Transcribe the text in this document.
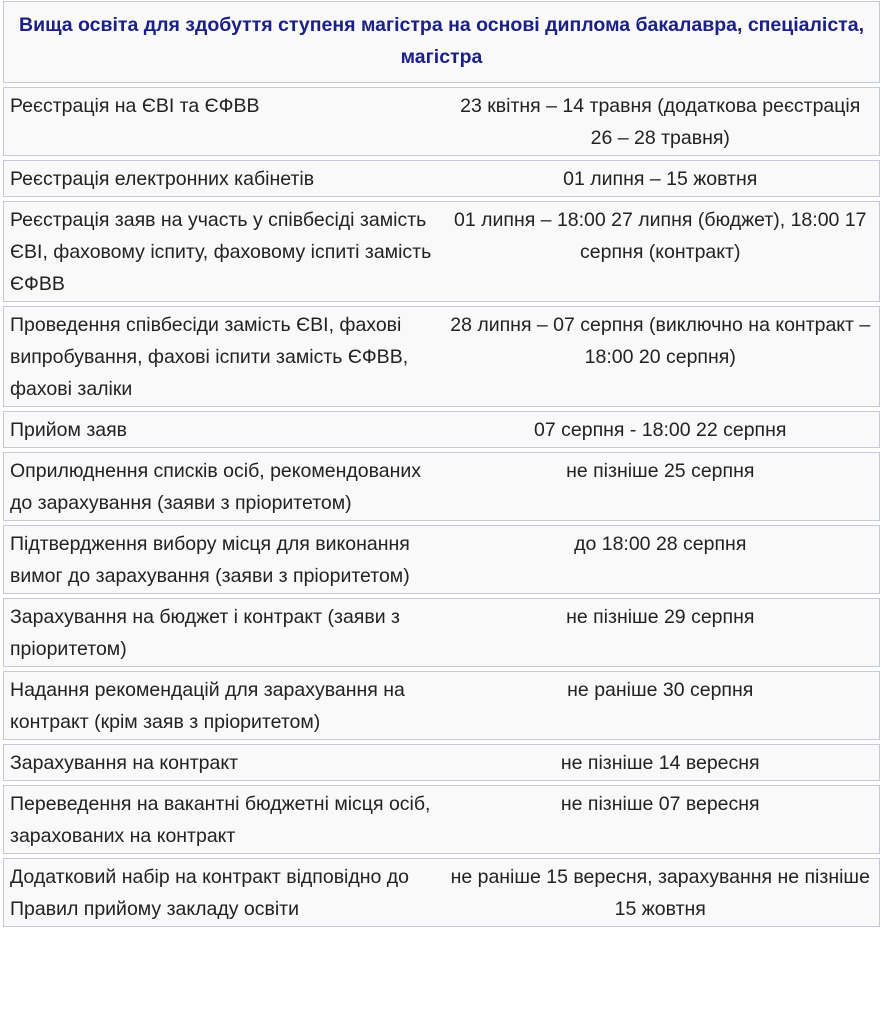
Вища освіта для здобуття ступеня магістра на основі диплома бакалавра, спеціаліста, магістра	
Реєстрація на ЄВІ та ЄФВВ	23 квітня – 14 травня (додаткова реєстрація 26 – 28 травня)
Реєстрація електронних кабінетів	01 липня – 15 жовтня
Реєстрація заяв на участь у співбесіді замість ЄВІ, фаховому іспиту, фаховому іспиті замість ЄФВВ	01 липня – 18:00 27 липня (бюджет), 18:00 17 серпня (контракт)
Проведення співбесіди замість ЄВІ, фахові випробування, фахові іспити замість ЄФВВ, фахові заліки	28 липня – 07 серпня (виключно на контракт – 18:00 20 серпня)
Прийом заяв	07 серпня - 18:00 22 серпня
Оприлюднення списків осіб, рекомендованих до зарахування (заяви з пріоритетом)	не пізніше 25 серпня
Підтвердження вибору місця для виконання вимог до зарахування (заяви з пріоритетом)	до 18:00 28 серпня
Зарахування на бюджет і контракт (заяви з пріоритетом)	не пізніше 29 серпня
Надання рекомендацій для зарахування на контракт (крім заяв з пріоритетом)	не раніше 30 серпня
Зарахування на контракт	не пізніше 14 вересня
Переведення на вакантні бюджетні місця осіб, зарахованих на контракт	не пізніше 07 вересня
Додатковий набір на контракт відповідно до Правил прийому закладу освіти	не раніше 15 вересня, зарахування не пізніше 15 жовтня
